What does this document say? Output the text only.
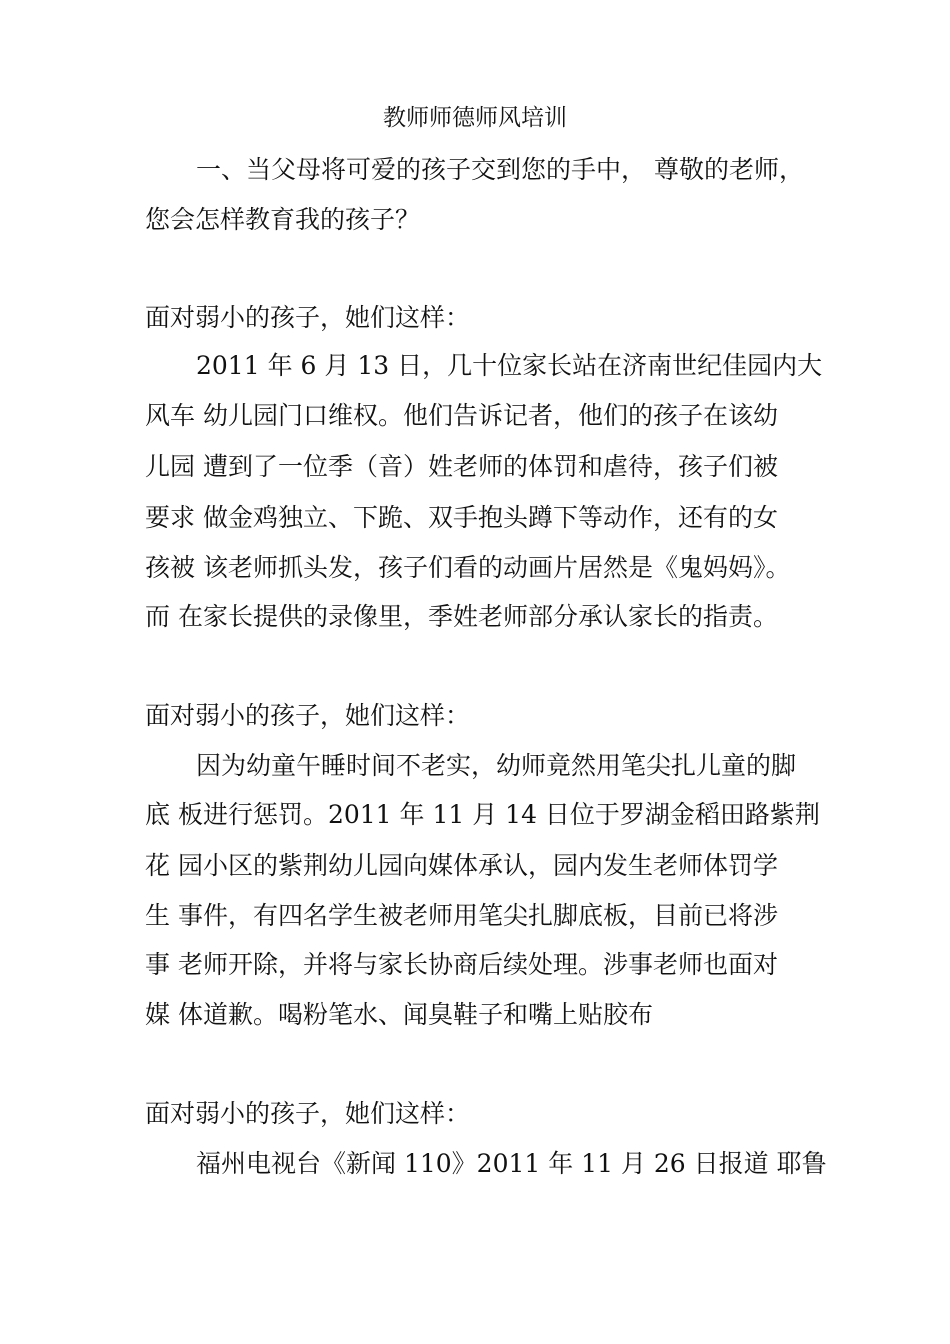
教师师德师风培训
一、当父母将可爱的孩子交到您的手中， 尊敬的老师，
您会怎样教育我的孩子？
面对弱小的孩子，她们这样：
2011 年 6 月 13 日，几十位家长站在济南世纪佳园内大
风车 幼儿园门口维权。他们告诉记者，他们的孩子在该幼
儿园 遭到了一位季（音）姓老师的体罚和虐待，孩子们被
要求 做金鸡独立、下跪、双手抱头蹲下等动作，还有的女
孩被 该老师抓头发，孩子们看的动画片居然是《鬼妈妈》。
而 在家长提供的录像里，季姓老师部分承认家长的指责。
面对弱小的孩子，她们这样：
因为幼童午睡时间不老实，幼师竟然用笔尖扎儿童的脚
底 板进行惩罚。2011 年 11 月 14 日位于罗湖金稻田路紫荆
花 园小区的紫荆幼儿园向媒体承认，园内发生老师体罚学
生 事件，有四名学生被老师用笔尖扎脚底板，目前已将涉
事 老师开除，并将与家长协商后续处理。涉事老师也面对
媒 体道歉。喝粉笔水、闻臭鞋子和嘴上贴胶布
面对弱小的孩子，她们这样：
福州电视台《新闻 110》2011 年 11 月 26 日报道 耶鲁
